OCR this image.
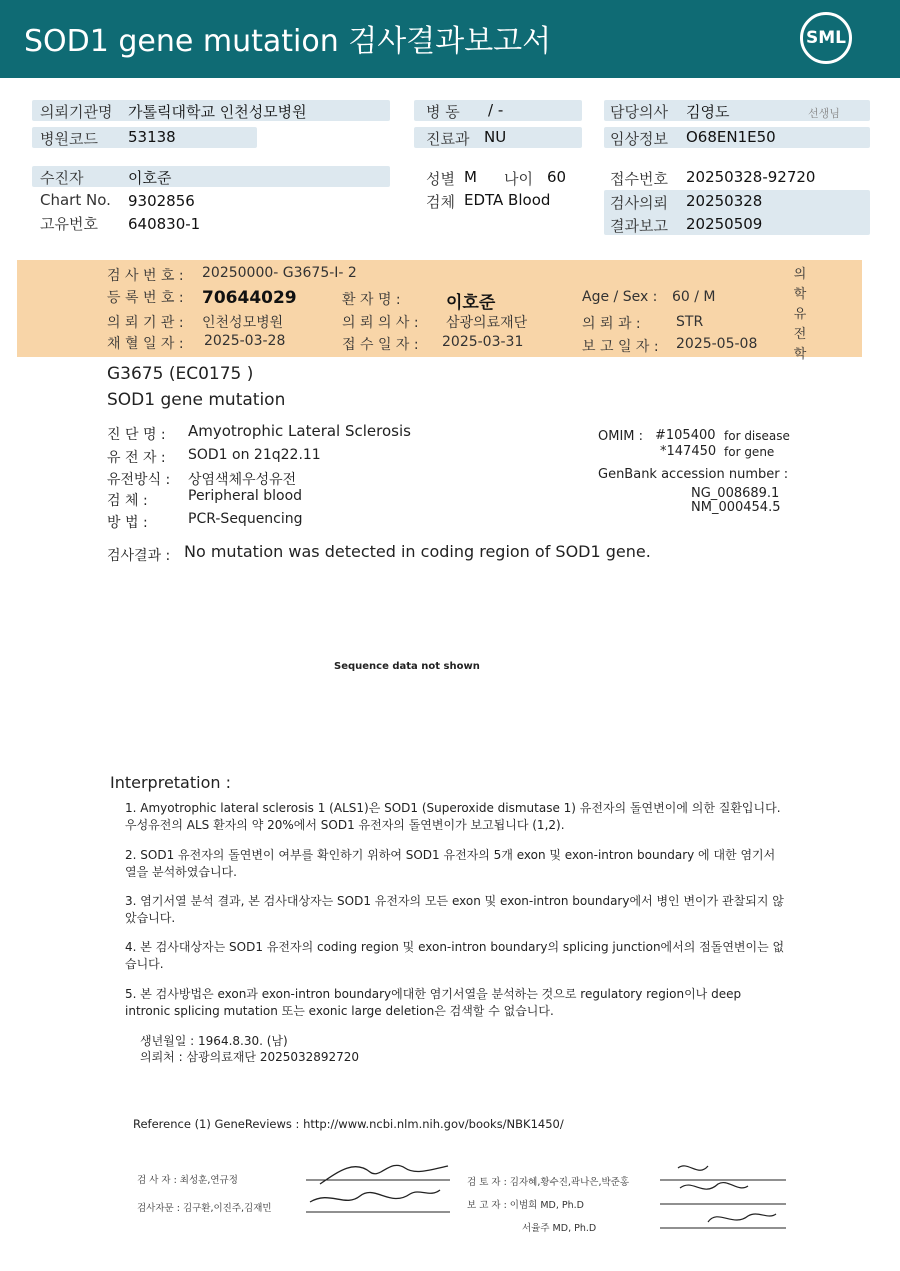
SOD1 gene mutation 검사결과보고서	SML
의뢰기관명 가톨릭대학교 인천성모병원
병원코드 53138
병 동 / -
진료과 NU
담당의사 김영도	선생님
임상정보 O68EN1E50
수진자	이호준
Chart No. 9302856
고유번호 640830-1
성별 M 나이 60
검체 EDTA Blood
접수번호 20250328-92720
검사의뢰 20250328
결과보고 20250509
검 사 번 호 : 20250000- G3675-I- 2
등 록 번 호 : 70644029	환 자 명 :	이호준	Age / Sex : 60 / M
의 뢰 기 관 : 인천성모병원	의 뢰 의 사 : 삼광의료재단	의 뢰 과 :	STR
채 혈 일 자 : 2025-03-28	접 수 일 자 : 2025-03-31	보 고 일 자 : 2025-05-08
의
학
유
전
학
G3675 (EC0175 )
SOD1 gene mutation
진 단 명 : Amyotrophic Lateral Sclerosis
유 전 자 : SOD1 on 21q22.11
유전방식 : 상염색체우성유전
검 체 :	Peripheral blood
방 법 :	PCR-Sequencing
OMIM : #105400 for disease
*147450 for gene
GenBank accession number :
NG_008689.1
NM_000454.5
검사결과 : No mutation was detected in coding region of SOD1 gene.
Sequence data not shown
Interpretation :
1. Amyotrophic lateral sclerosis 1 (ALS1)은 SOD1 (Superoxide dismutase 1) 유전자의 돌연변이에 의한 질환입니다. 우성유전의 ALS 환자의 약 20%에서 SOD1 유전자의 돌연변이가 보고됩니다 (1,2).
2. SOD1 유전자의 돌연변이 여부를 확인하기 위하여 SOD1 유전자의 5개 exon 및 exon-intron boundary 에 대한 염기서열을 분석하였습니다.
3. 염기서열 분석 결과, 본 검사대상자는 SOD1 유전자의 모든 exon 및 exon-intron boundary에서 병인 변이가 관찰되지 않았습니다.
4. 본 검사대상자는 SOD1 유전자의 coding region 및 exon-intron boundary의 splicing junction에서의 점돌연변이는 없습니다.
5. 본 검사방법은 exon과 exon-intron boundary에대한 염기서열을 분석하는 것으로 regulatory region이나 deep intronic splicing mutation 또는 exonic large deletion은 검색할 수 없습니다.
생년월일 : 1964.8.30. (남)
의뢰처 : 삼광의료재단 2025032892720
Reference (1) GeneReviews : http://www.ncbi.nlm.nih.gov/books/NBK1450/
검 사 자 : 최성훈,연규정
검사자문 : 김구환,이진주,김재민
검 토 자 : 김자혜,황수진,곽나은,박준홍
보 고 자 : 이범희 MD, Ph.D
서율주 MD, Ph.D
